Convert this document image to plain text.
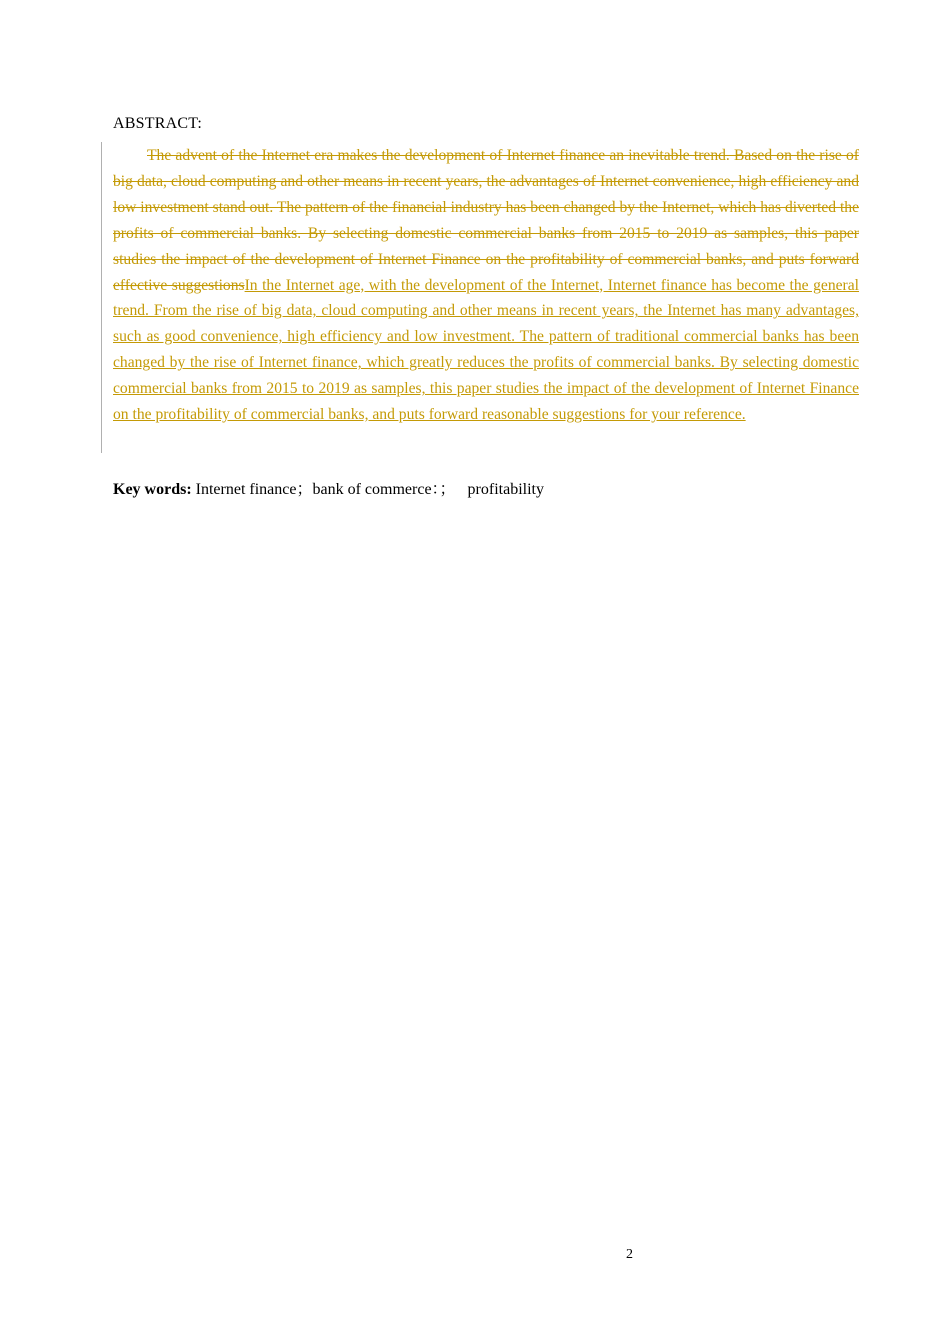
ABSTRACT:

The advent of the Internet era makes the development of Internet finance an inevitable trend. Based on the rise of big data, cloud computing and other means in recent years, the advantages of Internet convenience, high efficiency and low investment stand out. The pattern of the financial industry has been changed by the Internet, which has diverted the profits of commercial banks. By selecting domestic commercial banks from 2015 to 2019 as samples, this paper studies the impact of the development of Internet Finance on the profitability of commercial banks, and puts forward effective suggestionsIn the Internet age, with the development of the Internet, Internet finance has become the general trend. From the rise of big data, cloud computing and other means in recent years, the Internet has many advantages, such as good convenience, high efficiency and low investment. The pattern of traditional commercial banks has been changed by the rise of Internet finance, which greatly reduces the profits of commercial banks. By selecting domestic commercial banks from 2015 to 2019 as samples, this paper studies the impact of the development of Internet Finance on the profitability of commercial banks, and puts forward reasonable suggestions for your reference.

Key words: Internet finance；bank of commerce：；   profitability

2
